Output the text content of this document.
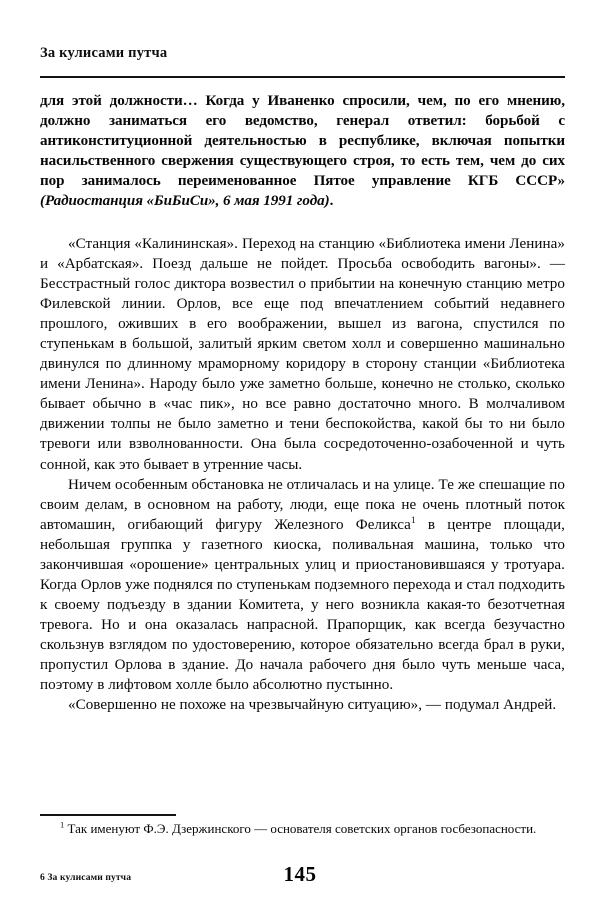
За кулисами путча
для этой должности… Когда у Иваненко спросили, чем, по его мнению, должно заниматься его ведомство, генерал ответил: борьбой с антиконституционной деятельностью в республике, включая попытки насильственного свержения существующего строя, то есть тем, чем до сих пор занималось переименованное Пятое управление КГБ СССР» (Радиостанция «БиБиСи», 6 мая 1991 года).

«Станция «Калининская». Переход на станцию «Библиотека имени Ленина» и «Арбатская». Поезд дальше не пойдет. Просьба освободить вагоны». — Бесстрастный голос диктора возвестил о прибытии на конечную станцию метро Филевской линии. Орлов, все еще под впечатлением событий недавнего прошлого, оживших в его воображении, вышел из вагона, спустился по ступенькам в большой, залитый ярким светом холл и совершенно машинально двинулся по длинному мраморному коридору в сторону станции «Библиотека имени Ленина». Народу было уже заметно больше, конечно не столько, сколько бывает обычно в «час пик», но все равно достаточно много. В молчаливом движении толпы не было заметно и тени беспокойства, какой бы то ни было тревоги или взволнованности. Она была сосредоточенно-озабоченной и чуть сонной, как это бывает в утренние часы.

Ничем особенным обстановка не отличалась и на улице. Те же спешащие по своим делам, в основном на работу, люди, еще пока не очень плотный поток автомашин, огибающий фигуру Железного Феликса$^1$ в центре площади, небольшая группка у газетного киоска, поливальная машина, только что закончившая «орошение» центральных улиц и приостановившаяся у тротуара. Когда Орлов уже поднялся по ступенькам подземного перехода и стал подходить к своему подъезду в здании Комитета, у него возникла какая-то безотчетная тревога. Но и она оказалась напрасной. Прапорщик, как всегда безучастно скользнув взглядом по удостоверению, которое обязательно всегда брал в руки, пропустил Орлова в здание. До начала рабочего дня было чуть меньше часа, поэтому в лифтовом холле было абсолютно пустынно.

«Совершенно не похоже на чрезвычайную ситуацию», — подумал Андрей.

$^1$ Так именуют Ф.Э. Дзержинского — основателя советских органов госбезопасности.
6 За кулисами путча	145
